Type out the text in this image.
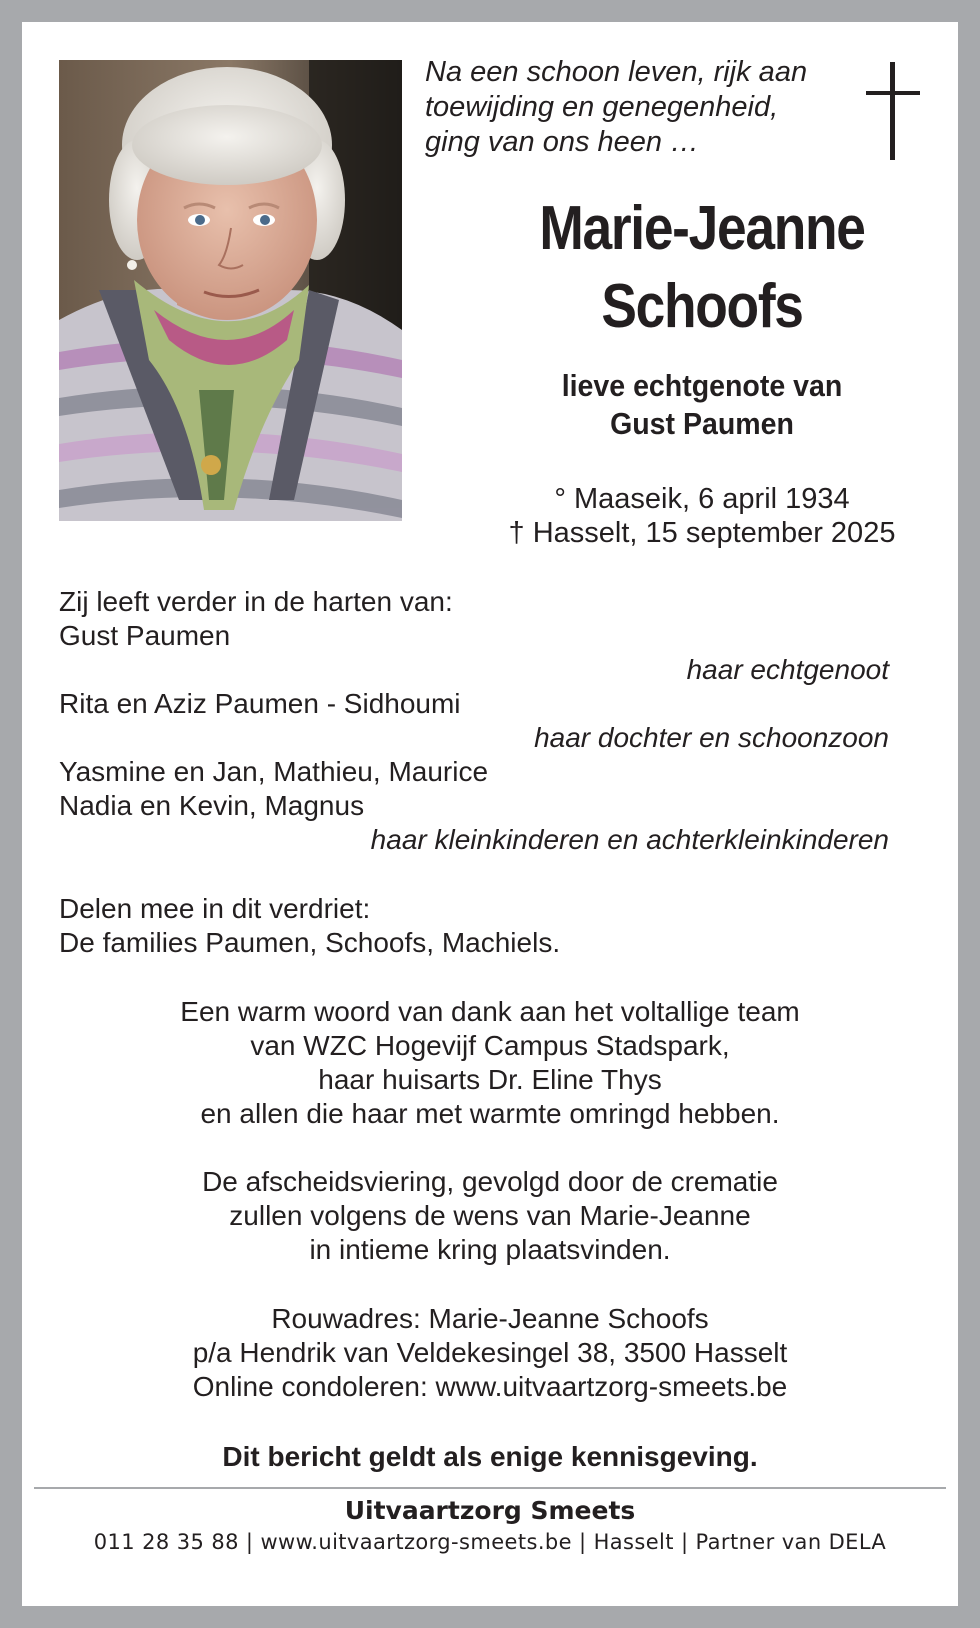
Na een schoon leven, rijk aan
toewijding en genegenheid,
ging van ons heen …
Marie-Jeanne
Schoofs
lieve echtgenote van
Gust Paumen
° Maaseik, 6 april 1934
† Hasselt, 15 september 2025
Zij leeft verder in de harten van:
Gust Paumen
haar echtgenoot
Rita en Aziz Paumen - Sidhoumi
haar dochter en schoonzoon
Yasmine en Jan, Mathieu, Maurice
Nadia en Kevin, Magnus
haar kleinkinderen en achterkleinkinderen
Delen mee in dit verdriet:
De families Paumen, Schoofs, Machiels.
Een warm woord van dank aan het voltallige team
van WZC Hogevijf Campus Stadspark,
haar huisarts Dr. Eline Thys
en allen die haar met warmte omringd hebben.
De afscheidsviering, gevolgd door de crematie
zullen volgens de wens van Marie-Jeanne
in intieme kring plaatsvinden.
Rouwadres: Marie-Jeanne Schoofs
p/a Hendrik van Veldekesingel 38, 3500 Hasselt
Online condoleren: www.uitvaartzorg-smeets.be
Dit bericht geldt als enige kennisgeving.
Uitvaartzorg Smeets
011 28 35 88 | www.uitvaartzorg-smeets.be | Hasselt | Partner van DELA
